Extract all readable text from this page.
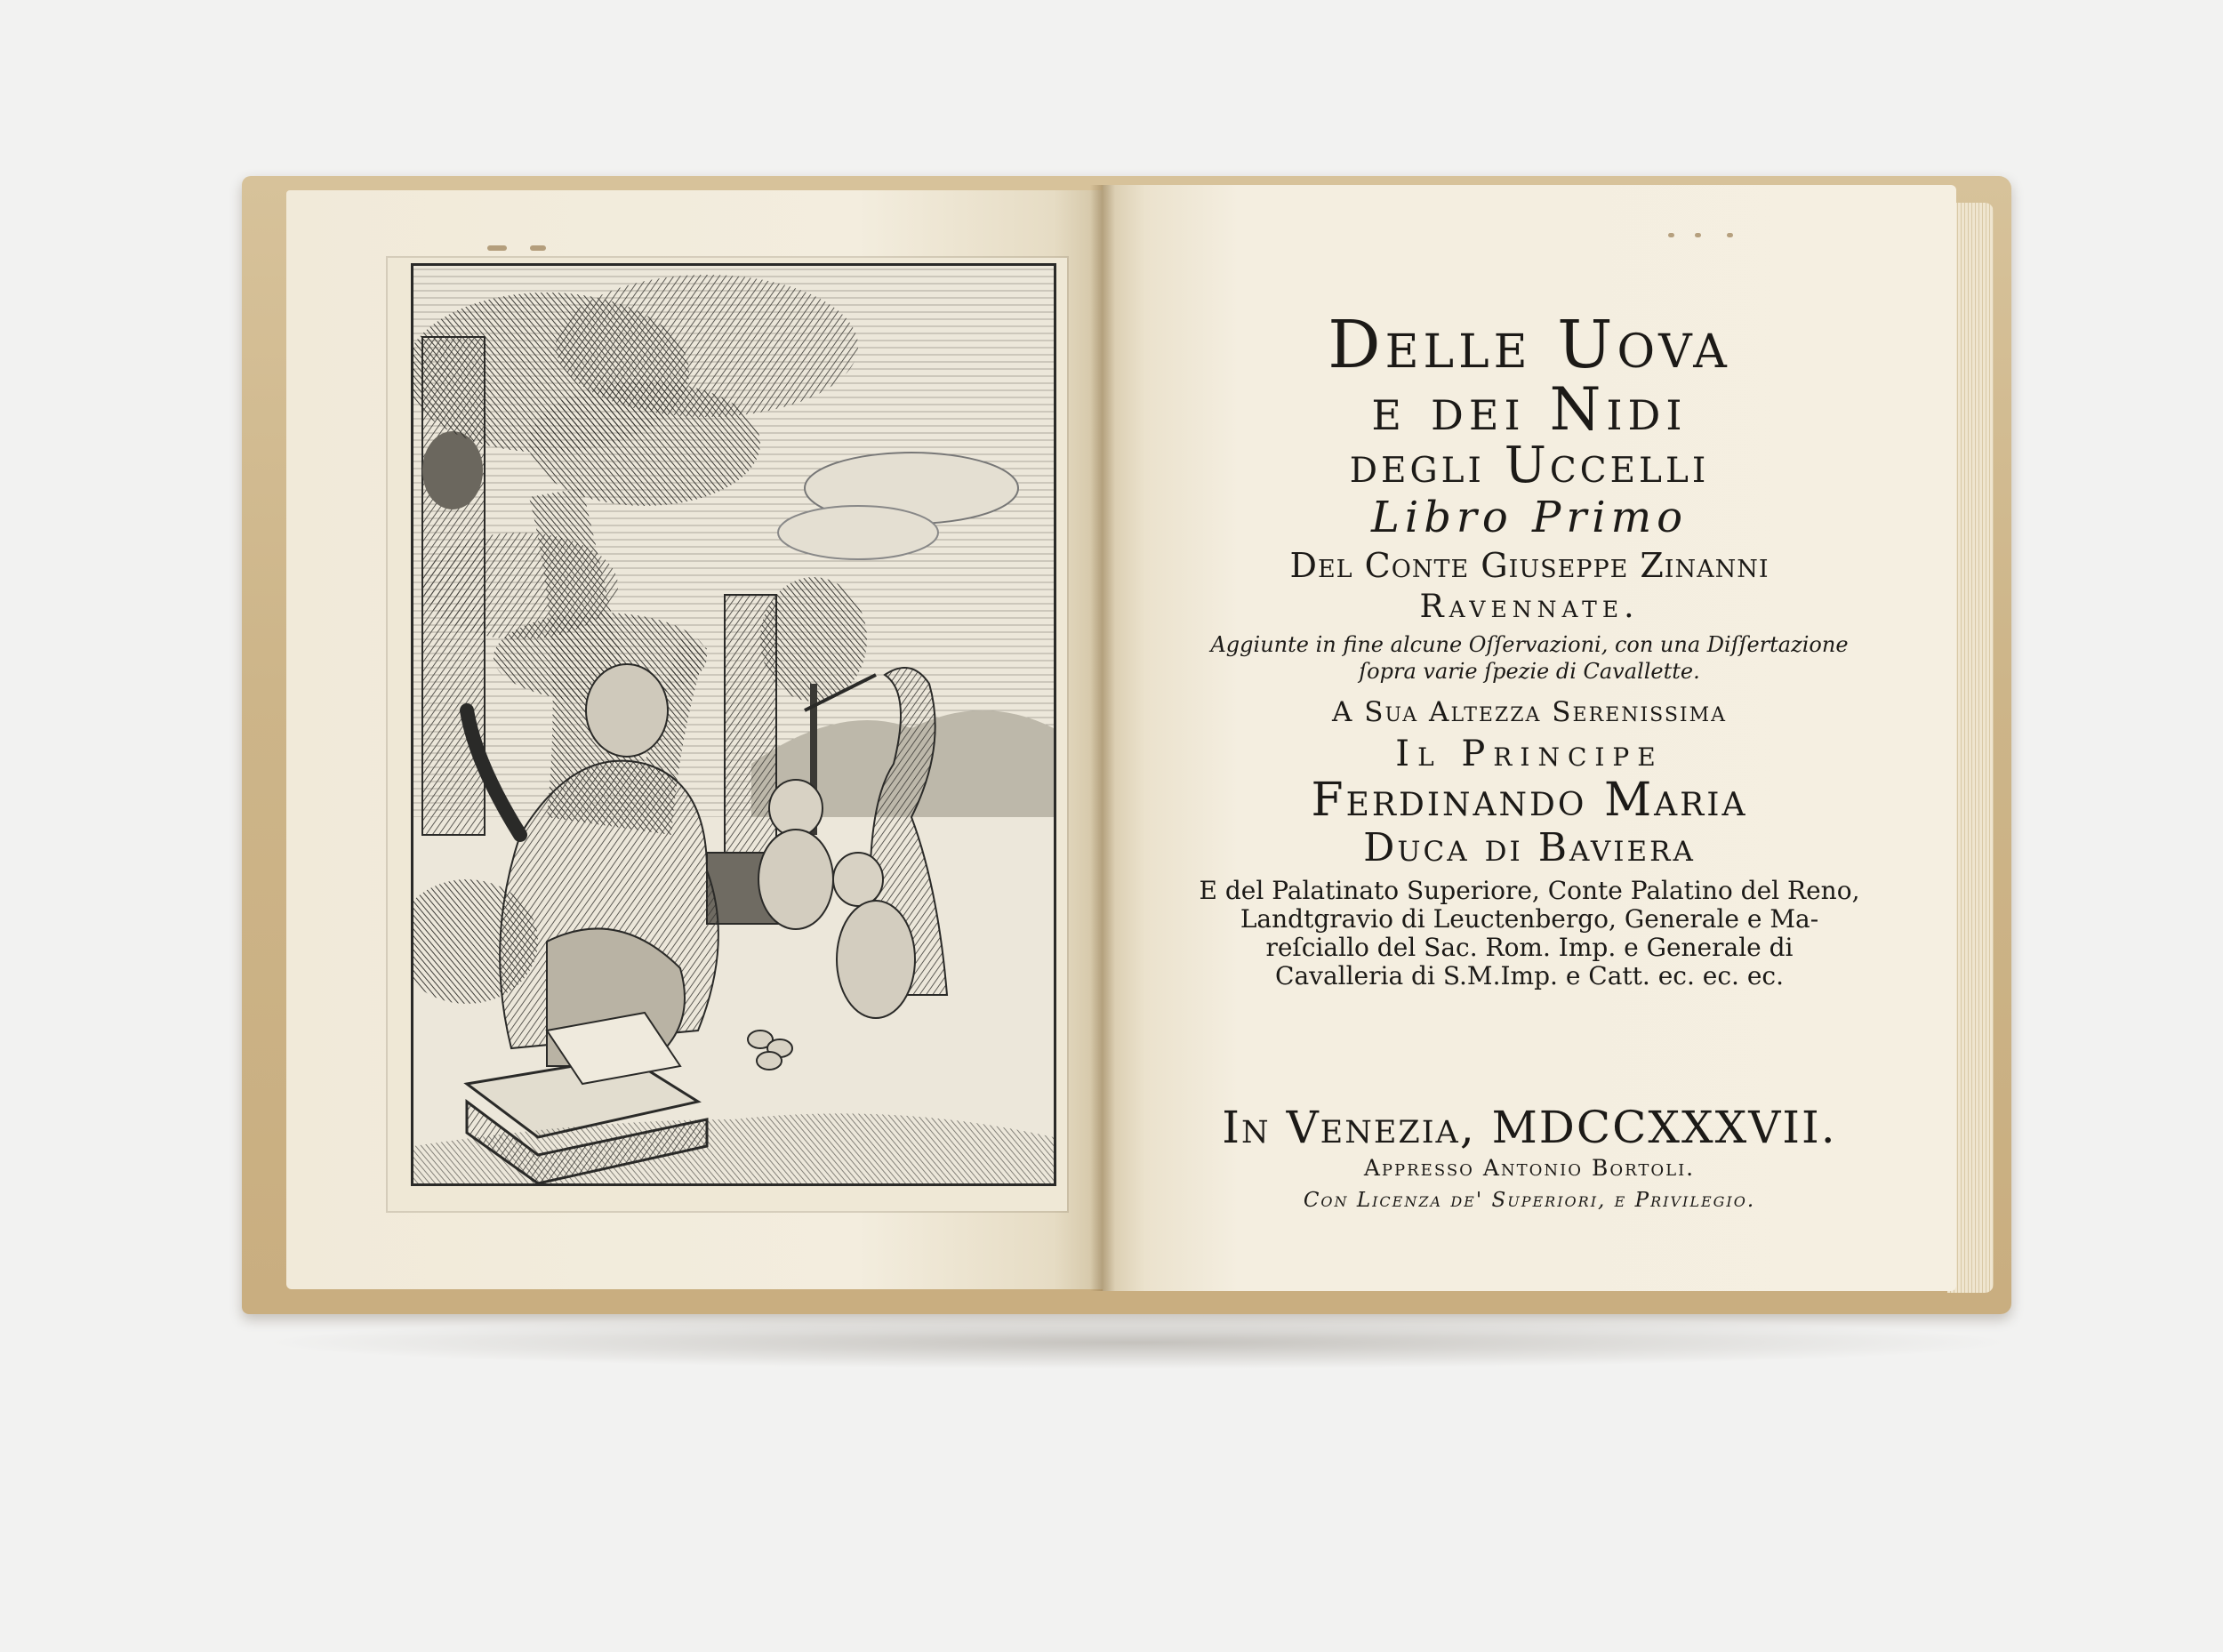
Delle Uova

e dei Nidi

degli Uccelli

Libro Primo

Del Conte Giuseppe Zinanni

Ravennate.

Aggiunte in fine alcune Oſſervazioni, con una Diſſertazione

ſopra varie ſpezie di Cavallette.

A Sua Altezza Sereniſſima

Il Principe

Ferdinando Maria

Duca di Baviera

E del Palatinato Superiore, Conte Palatino del Reno,

Landtgravio di Leuctenbergo, Generale e Ma-

reſciallo del Sac. Rom. Imp. e Generale di

Cavalleria di S.M.Imp. e Catt. ec. ec. ec.

In Venezia, MDCCXXXVII.

Appresso Antonio Bortoli.

Con Licenza de' Superiori, e Privilegio.
